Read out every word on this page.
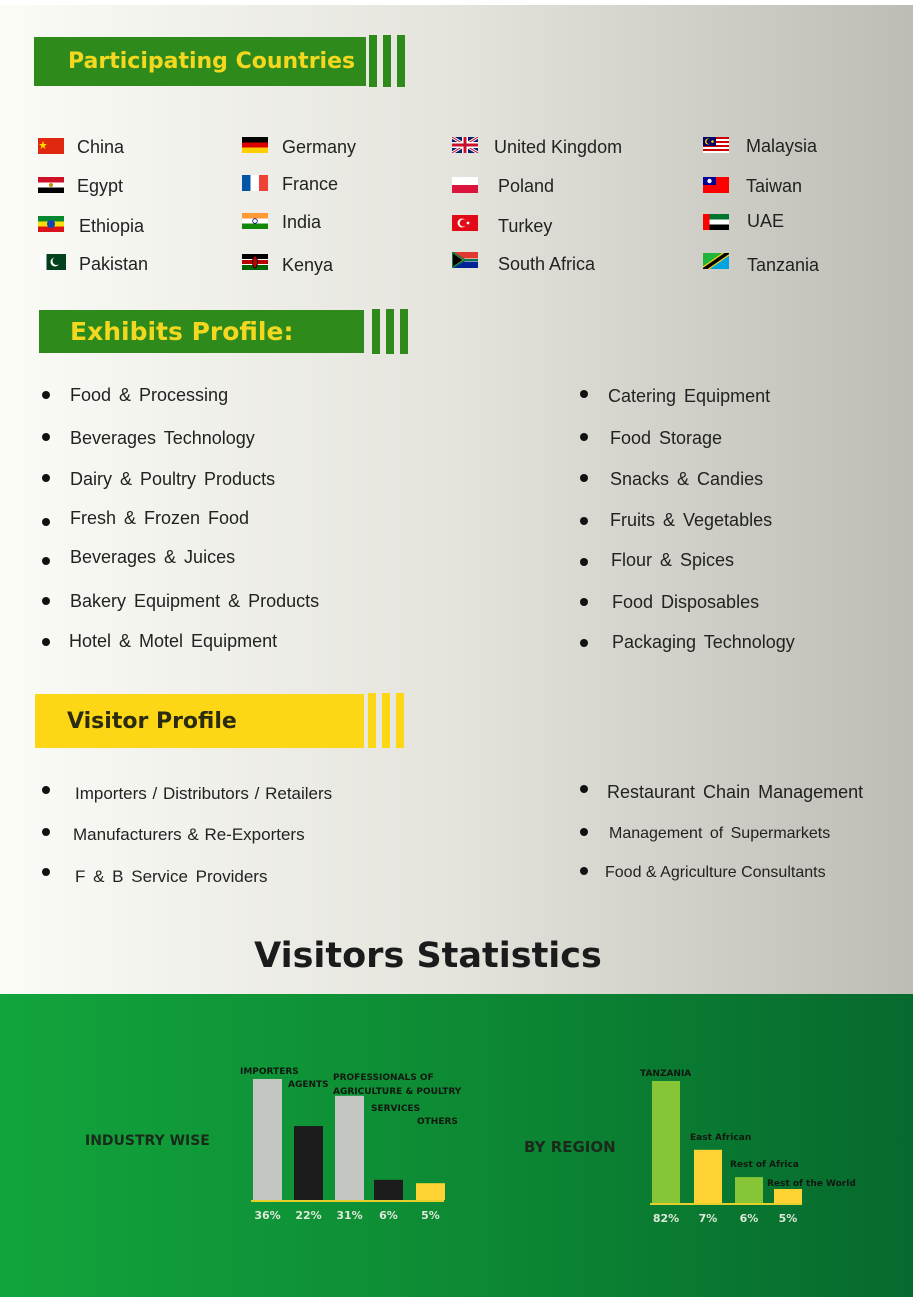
Participating Countries
China
Egypt
Ethiopia
Pakistan
Germany
France
India
Kenya
United Kingdom
Poland
Turkey
South Africa
Malaysia
Taiwan
UAE
Tanzania
Exhibits Profile:
Food & Processing
Beverages Technology
Dairy & Poultry Products
Fresh & Frozen Food
Beverages & Juices
Bakery Equipment & Products
Hotel & Motel Equipment
Catering Equipment
Food Storage
Snacks & Candies
Fruits & Vegetables
Flour & Spices
Food Disposables
Packaging Technology
Visitor Profile
Importers / Distributors / Retailers
Manufacturers & Re-Exporters
F & B Service Providers
Restaurant Chain Management
Management of Supermarkets
Food & Agriculture Consultants
Visitors Statistics
INDUSTRY WISE	BY REGION
36% 22% 31% 6% 5%
IMPORTERS
AGENTS
PROFESSIONALS OF
AGRICULTURE & POULTRY
SERVICES
OTHERS
82% 7% 6% 5%
TANZANIA
East African
Rest of Africa
Rest of the World
